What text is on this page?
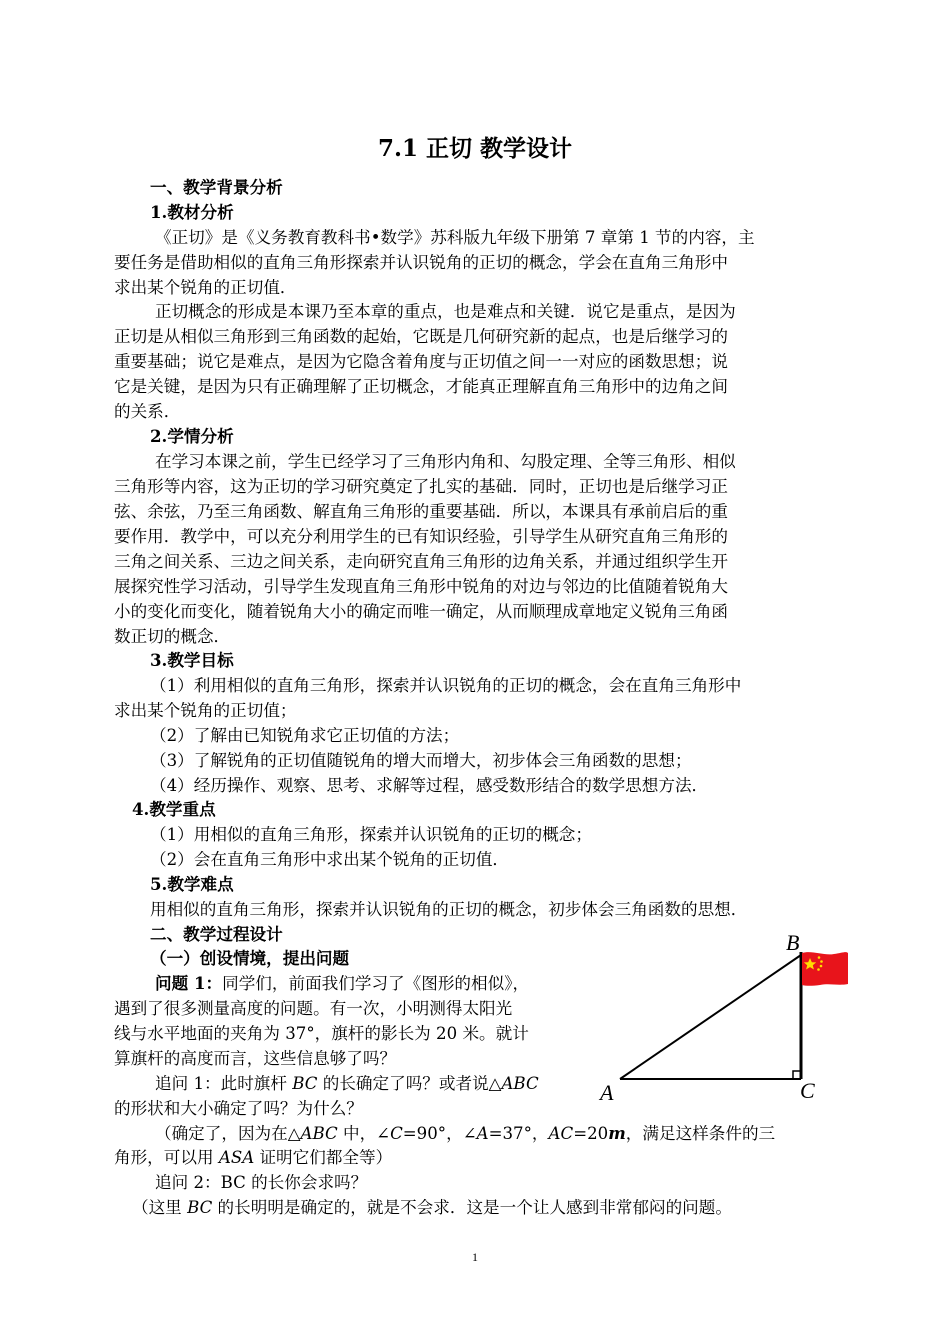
7.1 正切 教学设计
一、教学背景分析
1.教材分析
《正切》是《义务教育教科书•数学》苏科版九年级下册第 7 章第 1 节的内容，主
要任务是借助相似的直角三角形探索并认识锐角的正切的概念，学会在直角三角形中
求出某个锐角的正切值．
正切概念的形成是本课乃至本章的重点，也是难点和关键．说它是重点，是因为
正切是从相似三角形到三角函数的起始，它既是几何研究新的起点，也是后继学习的
重要基础；说它是难点，是因为它隐含着角度与正切值之间一一对应的函数思想；说
它是关键，是因为只有正确理解了正切概念，才能真正理解直角三角形中的边角之间
的关系．
2.学情分析
在学习本课之前，学生已经学习了三角形内角和、勾股定理、全等三角形、相似
三角形等内容，这为正切的学习研究奠定了扎实的基础．同时，正切也是后继学习正
弦、余弦，乃至三角函数、解直角三角形的重要基础．所以，本课具有承前启后的重
要作用．教学中，可以充分利用学生的已有知识经验，引导学生从研究直角三角形的
三角之间关系、三边之间关系，走向研究直角三角形的边角关系，并通过组织学生开
展探究性学习活动，引导学生发现直角三角形中锐角的对边与邻边的比值随着锐角大
小的变化而变化，随着锐角大小的确定而唯一确定，从而顺理成章地定义锐角三角函
数正切的概念．
3.教学目标
（1）利用相似的直角三角形，探索并认识锐角的正切的概念，会在直角三角形中
求出某个锐角的正切值；
（2）了解由已知锐角求它正切值的方法；
（3）了解锐角的正切值随锐角的增大而增大，初步体会三角函数的思想；
（4）经历操作、观察、思考、求解等过程，感受数形结合的数学思想方法．
4.教学重点
（1）用相似的直角三角形，探索并认识锐角的正切的概念；
（2）会在直角三角形中求出某个锐角的正切值．
5.教学难点
用相似的直角三角形，探索并认识锐角的正切的概念，初步体会三角函数的思想．
二、教学过程设计
（一）创设情境，提出问题
问题 1：同学们，前面我们学习了《图形的相似》，
遇到了很多测量高度的问题。有一次，小明测得太阳光
线与水平地面的夹角为 37°，旗杆的影长为 20 米。就计
算旗杆的高度而言，这些信息够了吗？
追问 1：此时旗杆 BC 的长确定了吗？或者说△ABC
的形状和大小确定了吗？为什么？
（确定了，因为在△ABC 中，∠C=90°，∠A=37°，AC=20m，满足这样条件的三
角形，可以用 ASA 证明它们都全等）
追问 2：BC 的长你会求吗？
（这里 BC 的长明明是确定的，就是不会求．这是一个让人感到非常郁闷的问题。
A
B
C
1
